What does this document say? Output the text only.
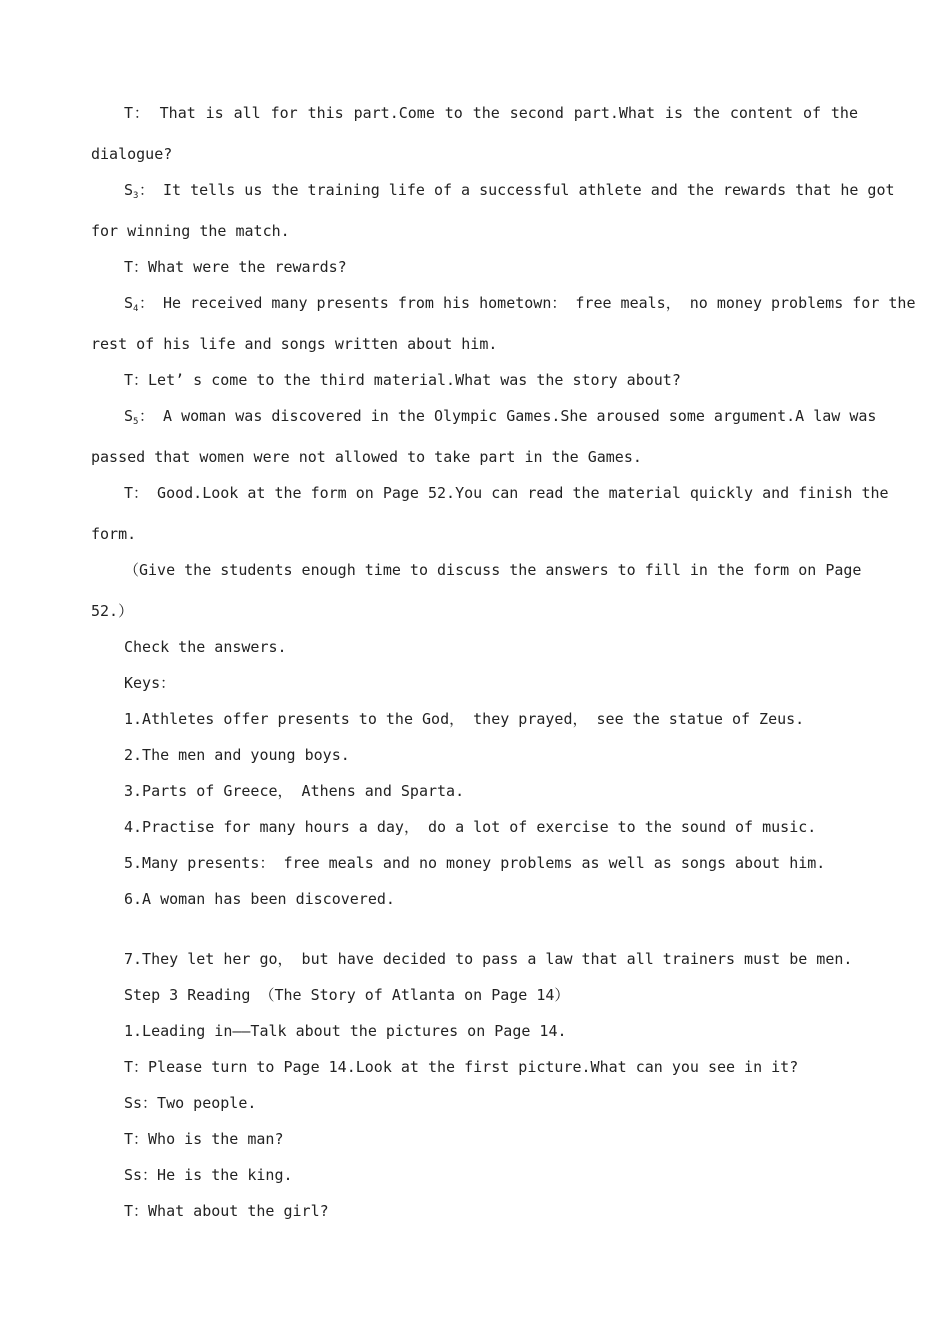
T： That is all for this part.Come to the second part.What is the content of the
dialogue?
$S_3$ ： It tells us the training life of a successful athlete and the rewards that he got
for winning the match.
T：What were the rewards?
$S_4$ ： He received many presents from his hometown： free meals， no money problems for the
rest of his life and songs written about him.
T：Let’ s come to the third material.What was the story about?
$S_5$ ： A woman was discovered in the Olympic Games.She aroused some argument.A law was
passed that women were not allowed to take part in the Games.
T： Good.Look at the form on Page 52.You can read the material quickly and finish the
form.
（Give the students enough time to discuss the answers to fill in the form on Page
52.）
Check the answers.
Keys：
1.Athletes offer presents to the God， they prayed， see the statue of Zeus.
2.The men and young boys.
3.Parts of Greece， Athens and Sparta.
4.Practise for many hours a day， do a lot of exercise to the sound of music.
5.Many presents： free meals and no money problems as well as songs about him.
6.A woman has been discovered.
7.They let her go， but have decided to pass a law that all trainers must be men.
Step 3 Reading （The Story of Atlanta on Page 14）
1.Leading in——Talk about the pictures on Page 14.
T：Please turn to Page 14.Look at the first picture.What can you see in it?
Ss：Two people.
T：Who is the man?
Ss：He is the king.
T：What about the girl?
